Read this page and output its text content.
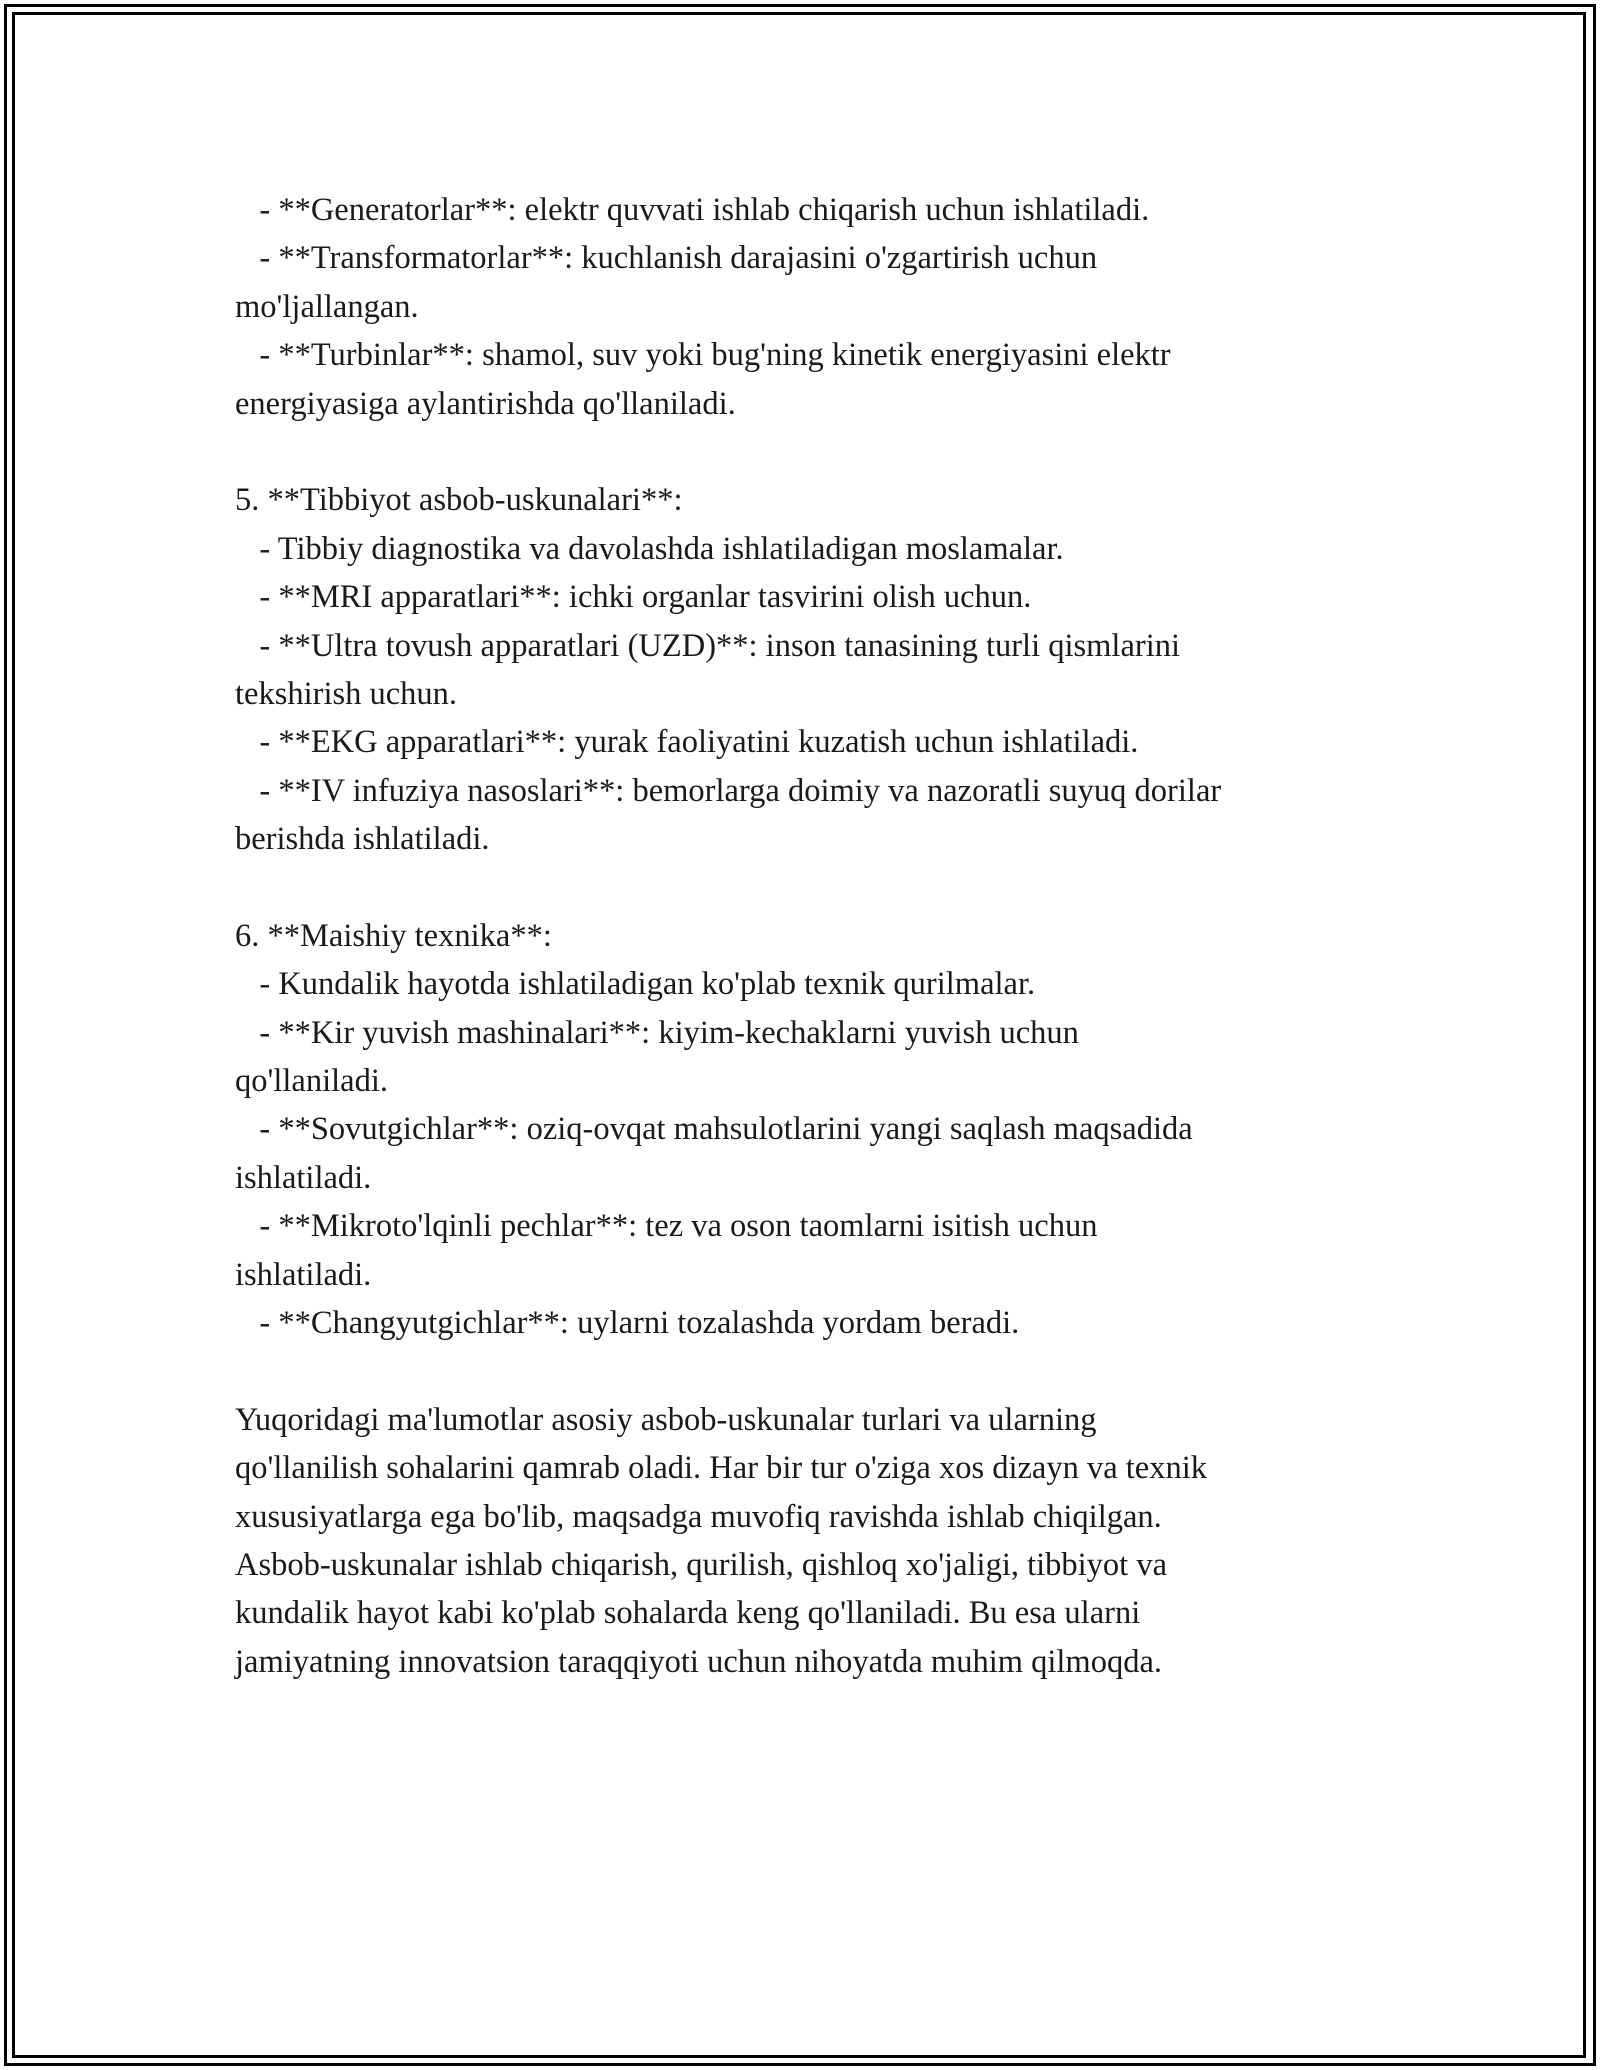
- **Generatorlar**: elektr quvvati ishlab chiqarish uchun ishlatiladi.
- **Transformatorlar**: kuchlanish darajasini o'zgartirish uchun
mo'ljallangan.
- **Turbinlar**: shamol, suv yoki bug'ning kinetik energiyasini elektr
energiyasiga aylantirishda qo'llaniladi.
5. **Tibbiyot asbob-uskunalari**:
- Tibbiy diagnostika va davolashda ishlatiladigan moslamalar.
- **MRI apparatlari**: ichki organlar tasvirini olish uchun.
- **Ultra tovush apparatlari (UZD)**: inson tanasining turli qismlarini
tekshirish uchun.
- **EKG apparatlari**: yurak faoliyatini kuzatish uchun ishlatiladi.
- **IV infuziya nasoslari**: bemorlarga doimiy va nazoratli suyuq dorilar
berishda ishlatiladi.
6. **Maishiy texnika**:
- Kundalik hayotda ishlatiladigan ko'plab texnik qurilmalar.
- **Kir yuvish mashinalari**: kiyim-kechaklarni yuvish uchun
qo'llaniladi.
- **Sovutgichlar**: oziq-ovqat mahsulotlarini yangi saqlash maqsadida
ishlatiladi.
- **Mikroto'lqinli pechlar**: tez va oson taomlarni isitish uchun
ishlatiladi.
- **Changyutgichlar**: uylarni tozalashda yordam beradi.
Yuqoridagi ma'lumotlar asosiy asbob-uskunalar turlari va ularning
qo'llanilish sohalarini qamrab oladi. Har bir tur o'ziga xos dizayn va texnik
xususiyatlarga ega bo'lib, maqsadga muvofiq ravishda ishlab chiqilgan.
Asbob-uskunalar ishlab chiqarish, qurilish, qishloq xo'jaligi, tibbiyot va
kundalik hayot kabi ko'plab sohalarda keng qo'llaniladi. Bu esa ularni
jamiyatning innovatsion taraqqiyoti uchun nihoyatda muhim qilmoqda.
